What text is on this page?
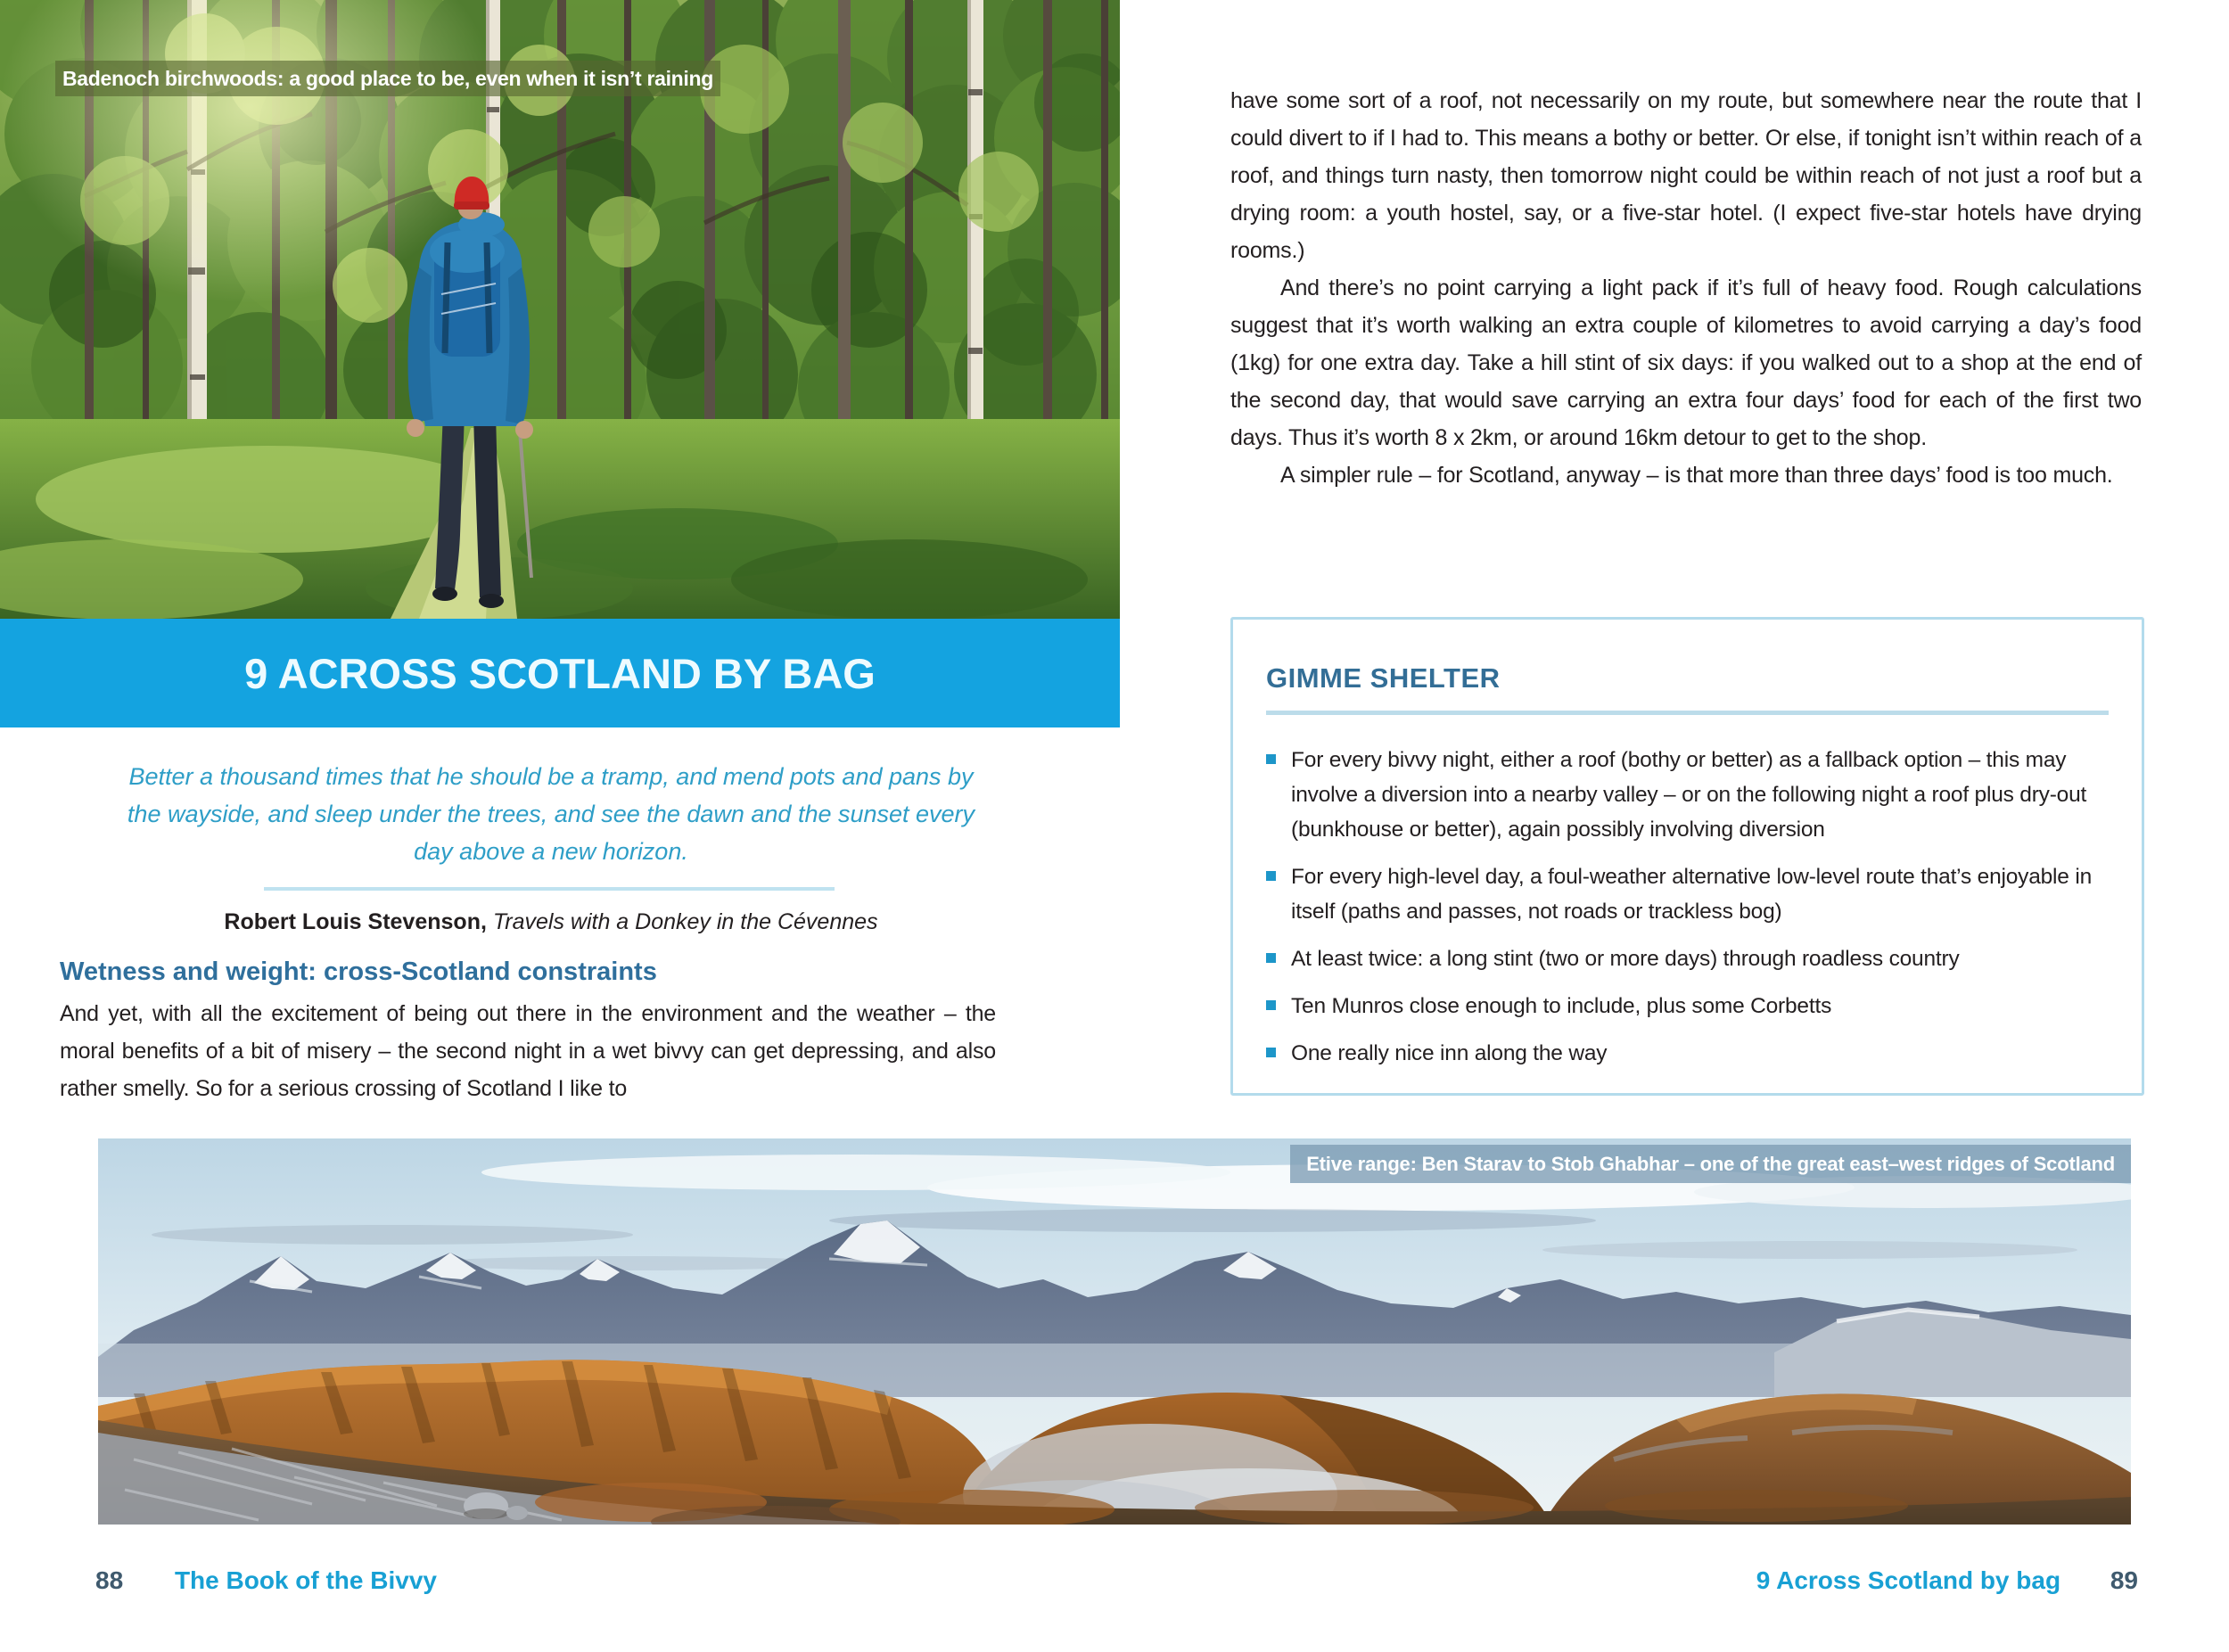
Badenoch birchwoods: a good place to be, even when it isn’t raining
9 ACROSS SCOTLAND BY BAG
Better a thousand times that he should be a tramp, and mend pots and pans by the wayside, and sleep under the trees, and see the dawn and the sunset every day above a new horizon.

Robert Louis Stevenson, Travels with a Donkey in the Cévennes

Wetness and weight: cross-Scotland constraints

And yet, with all the excitement of being out there in the environment and the weather – the moral benefits of a bit of misery – the second night in a wet bivvy can get depressing, and also rather smelly. So for a serious crossing of Scotland I like to

have some sort of a roof, not necessarily on my route, but somewhere near the route that I could divert to if I had to. This means a bothy or better. Or else, if tonight isn’t within reach of a roof, and things turn nasty, then tomorrow night could be within reach of not just a roof but a drying room: a youth hostel, say, or a five-star hotel. (I expect five-star hotels have drying rooms.)

And there’s no point carrying a light pack if it’s full of heavy food. Rough calculations suggest that it’s worth walking an extra couple of kilometres to avoid carrying a day’s food (1kg) for one extra day. Take a hill stint of six days: if you walked out to a shop at the end of the second day, that would save carrying an extra four days’ food for each of the first two days. Thus it’s worth 8 x 2km, or around 16km detour to get to the shop.

A simpler rule – for Scotland, anyway – is that more than three days’ food is too much.

GIMME SHELTER
For every bivvy night, either a roof (bothy or better) as a fallback option – this may involve a diversion into a nearby valley – or on the following night a roof plus dry-out (bunkhouse or better), again possibly involving diversion
For every high-level day, a foul-weather alternative low-level route that’s enjoyable in itself (paths and passes, not roads or trackless bog)
At least twice: a long stint (two or more days) through roadless country
Ten Munros close enough to include, plus some Corbetts
One really nice inn along the way
Etive range: Ben Starav to Stob Ghabhar – one of the great east–west ridges of Scotland
88 The Book of the Bivvy	9 Across Scotland by bag 89
